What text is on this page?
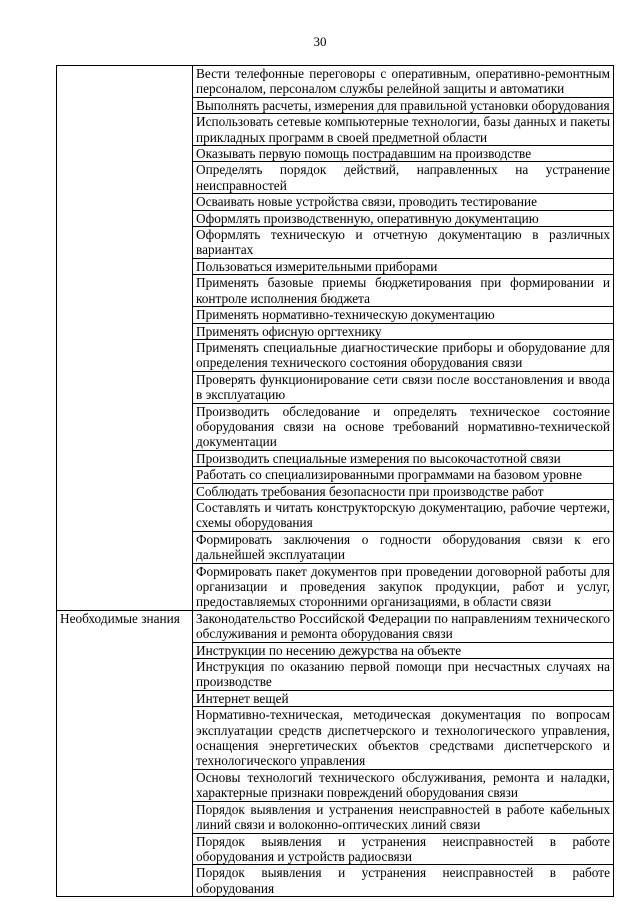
30
	Вести телефонные переговоры с оперативным, оперативно-ремонтным персоналом, персоналом службы релейной защиты и автоматики
	Выполнять расчеты, измерения для правильной установки оборудования
	Использовать сетевые компьютерные технологии, базы данных и пакеты прикладных программ в своей предметной области
	Оказывать первую помощь пострадавшим на производстве
	Определять порядок действий, направленных на устранение неисправностей
	Осваивать новые устройства связи, проводить тестирование
	Оформлять производственную, оперативную документацию
	Оформлять техническую и отчетную документацию в различных вариантах
	Пользоваться измерительными приборами
	Применять базовые приемы бюджетирования при формировании и контроле исполнения бюджета
	Применять нормативно-техническую документацию
	Применять офисную оргтехнику
	Применять специальные диагностические приборы и оборудование для определения технического состояния оборудования связи
	Проверять функционирование сети связи после восстановления и ввода в эксплуатацию
	Производить обследование и определять техническое состояние оборудования связи на основе требований нормативно-технической документации
	Производить специальные измерения по высокочастотной связи
	Работать со специализированными программами на базовом уровне
	Соблюдать требования безопасности при производстве работ
	Составлять и читать конструкторскую документацию, рабочие чертежи, схемы оборудования
	Формировать заключения о годности оборудования связи к его дальнейшей эксплуатации
	Формировать пакет документов при проведении договорной работы для организации и проведения закупок продукции, работ и услуг, предоставляемых сторонними организациями, в области связи
Необходимые знания	Законодательство Российской Федерации по направлениям технического обслуживания и ремонта оборудования связи
	Инструкции по несению дежурства на объекте
	Инструкция по оказанию первой помощи при несчастных случаях на производстве
	Интернет вещей
	Нормативно-техническая, методическая документация по вопросам эксплуатации средств диспетчерского и технологического управления, оснащения энергетических объектов средствами диспетчерского и технологического управления
	Основы технологий технического обслуживания, ремонта и наладки, характерные признаки повреждений оборудования связи
	Порядок выявления и устранения неисправностей в работе кабельных линий связи и волоконно-оптических линий связи
	Порядок выявления и устранения неисправностей в работе оборудования и устройств радиосвязи
	Порядок выявления и устранения неисправностей в работе оборудования
